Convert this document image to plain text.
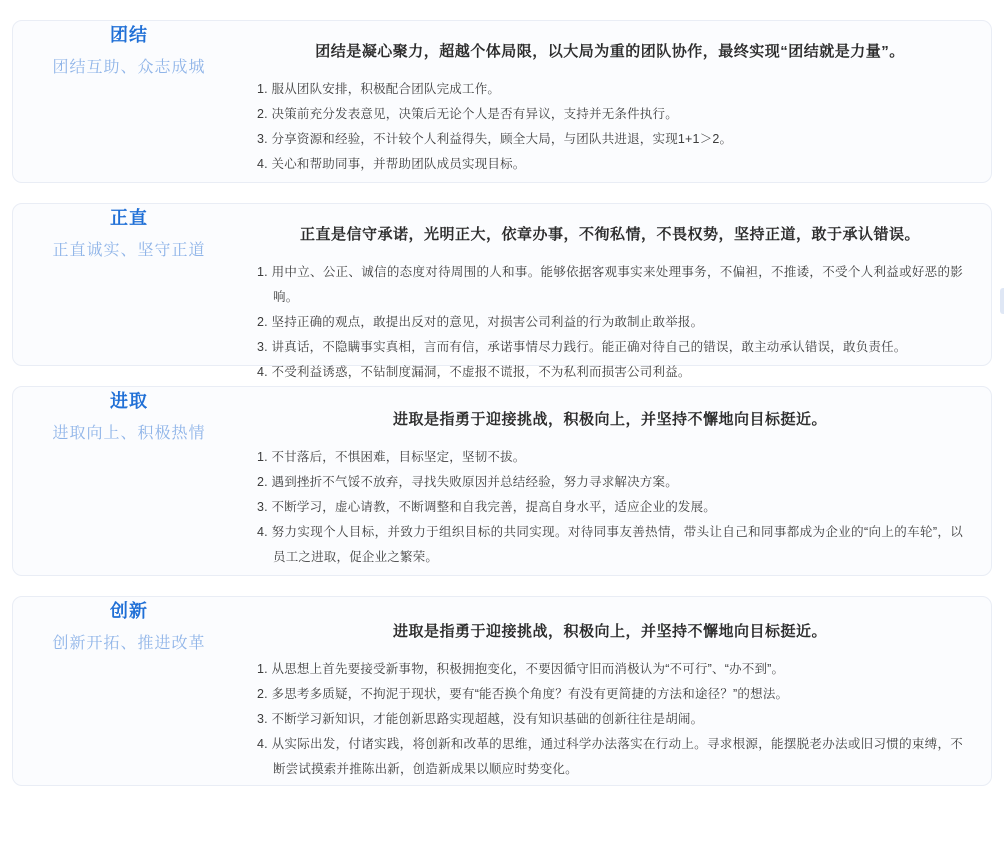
团结
团结互助、众志成城
团结是凝心聚力，超越个体局限，以大局为重的团队协作，最终实现“团结就是力量”。
1. 服从团队安排，积极配合团队完成工作。
2. 决策前充分发表意见，决策后无论个人是否有异议，支持并无条件执行。
3. 分享资源和经验，不计较个人利益得失，顾全大局，与团队共进退，实现1+1＞2。
4. 关心和帮助同事，并帮助团队成员实现目标。
正直
正直诚实、坚守正道
正直是信守承诺，光明正大，依章办事，不徇私情，不畏权势，坚持正道，敢于承认错误。
1. 用中立、公正、诚信的态度对待周围的人和事。能够依据客观事实来处理事务，不偏袒，不推诿，不受个人利益或好恶的影响。
2. 坚持正确的观点，敢提出反对的意见，对损害公司利益的行为敢制止敢举报。
3. 讲真话，不隐瞒事实真相，言而有信，承诺事情尽力践行。能正确对待自己的错误，敢主动承认错误，敢负责任。
4. 不受利益诱惑，不钻制度漏洞，不虚报不谎报，不为私利而损害公司利益。
进取
进取向上、积极热情
进取是指勇于迎接挑战，积极向上，并坚持不懈地向目标挺近。
1. 不甘落后，不惧困难，目标坚定，坚韧不拔。
2. 遇到挫折不气馁不放弃，寻找失败原因并总结经验，努力寻求解决方案。
3. 不断学习，虚心请教，不断调整和自我完善，提高自身水平，适应企业的发展。
4. 努力实现个人目标，并致力于组织目标的共同实现。对待同事友善热情，带头让自己和同事都成为企业的“向上的车轮”，以员工之进取，促企业之繁荣。
创新
创新开拓、推进改革
进取是指勇于迎接挑战，积极向上，并坚持不懈地向目标挺近。
1. 从思想上首先要接受新事物，积极拥抱变化，不要因循守旧而消极认为“不可行”、“办不到”。
2. 多思考多质疑，不拘泥于现状，要有“能否换个角度？有没有更简捷的方法和途径？”的想法。
3. 不断学习新知识，才能创新思路实现超越，没有知识基础的创新往往是胡闹。
4. 从实际出发，付诸实践，将创新和改革的思维，通过科学办法落实在行动上。寻求根源，能摆脱老办法或旧习惯的束缚，不断尝试摸索并推陈出新，创造新成果以顺应时势变化。
